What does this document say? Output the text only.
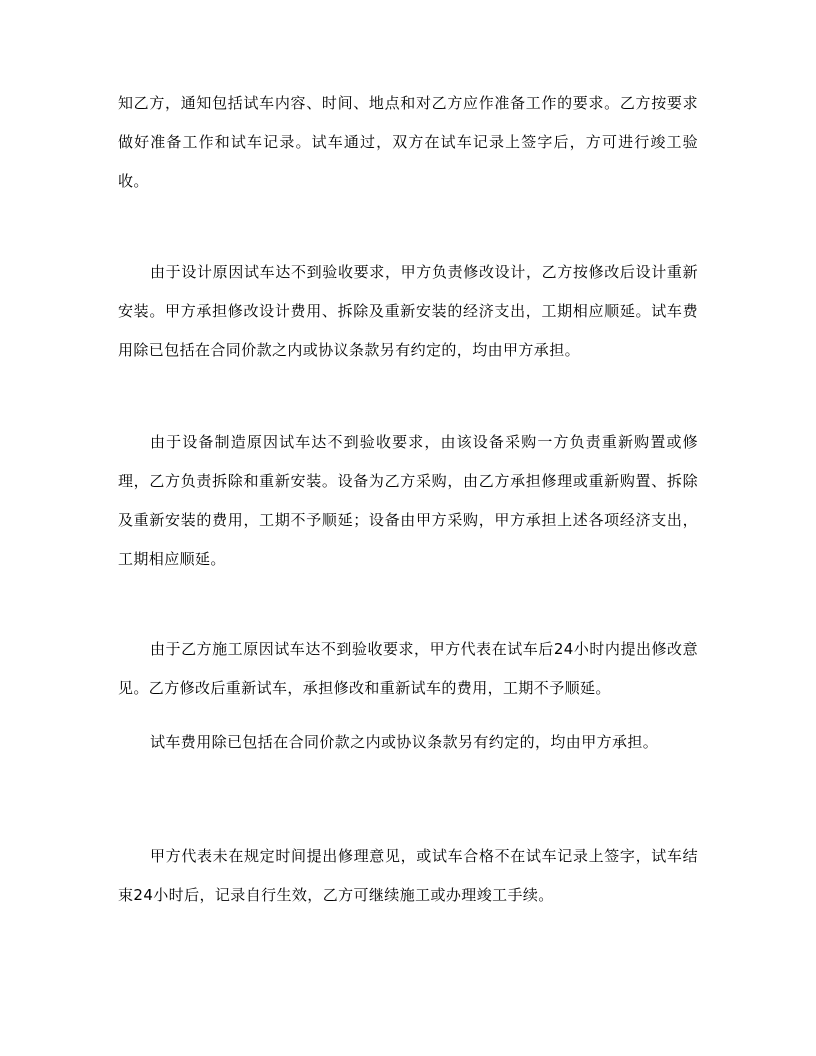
知乙方，通知包括试车内容、时间、地点和对乙方应作准备工作的要求。乙方按要求做好准备工作和试车记录。试车通过，双方在试车记录上签字后，方可进行竣工验收。

由于设计原因试车达不到验收要求，甲方负责修改设计，乙方按修改后设计重新安装。甲方承担修改设计费用、拆除及重新安装的经济支出，工期相应顺延。试车费用除已包括在合同价款之内或协议条款另有约定的，均由甲方承担。

由于设备制造原因试车达不到验收要求，由该设备采购一方负责重新购置或修理，乙方负责拆除和重新安装。设备为乙方采购，由乙方承担修理或重新购置、拆除及重新安装的费用，工期不予顺延；设备由甲方采购，甲方承担上述各项经济支出，工期相应顺延。

由于乙方施工原因试车达不到验收要求，甲方代表在试车后24小时内提出修改意见。乙方修改后重新试车，承担修改和重新试车的费用，工期不予顺延。

试车费用除已包括在合同价款之内或协议条款另有约定的，均由甲方承担。

甲方代表未在规定时间提出修理意见，或试车合格不在试车记录上签字，试车结束24小时后，记录自行生效，乙方可继续施工或办理竣工手续。
